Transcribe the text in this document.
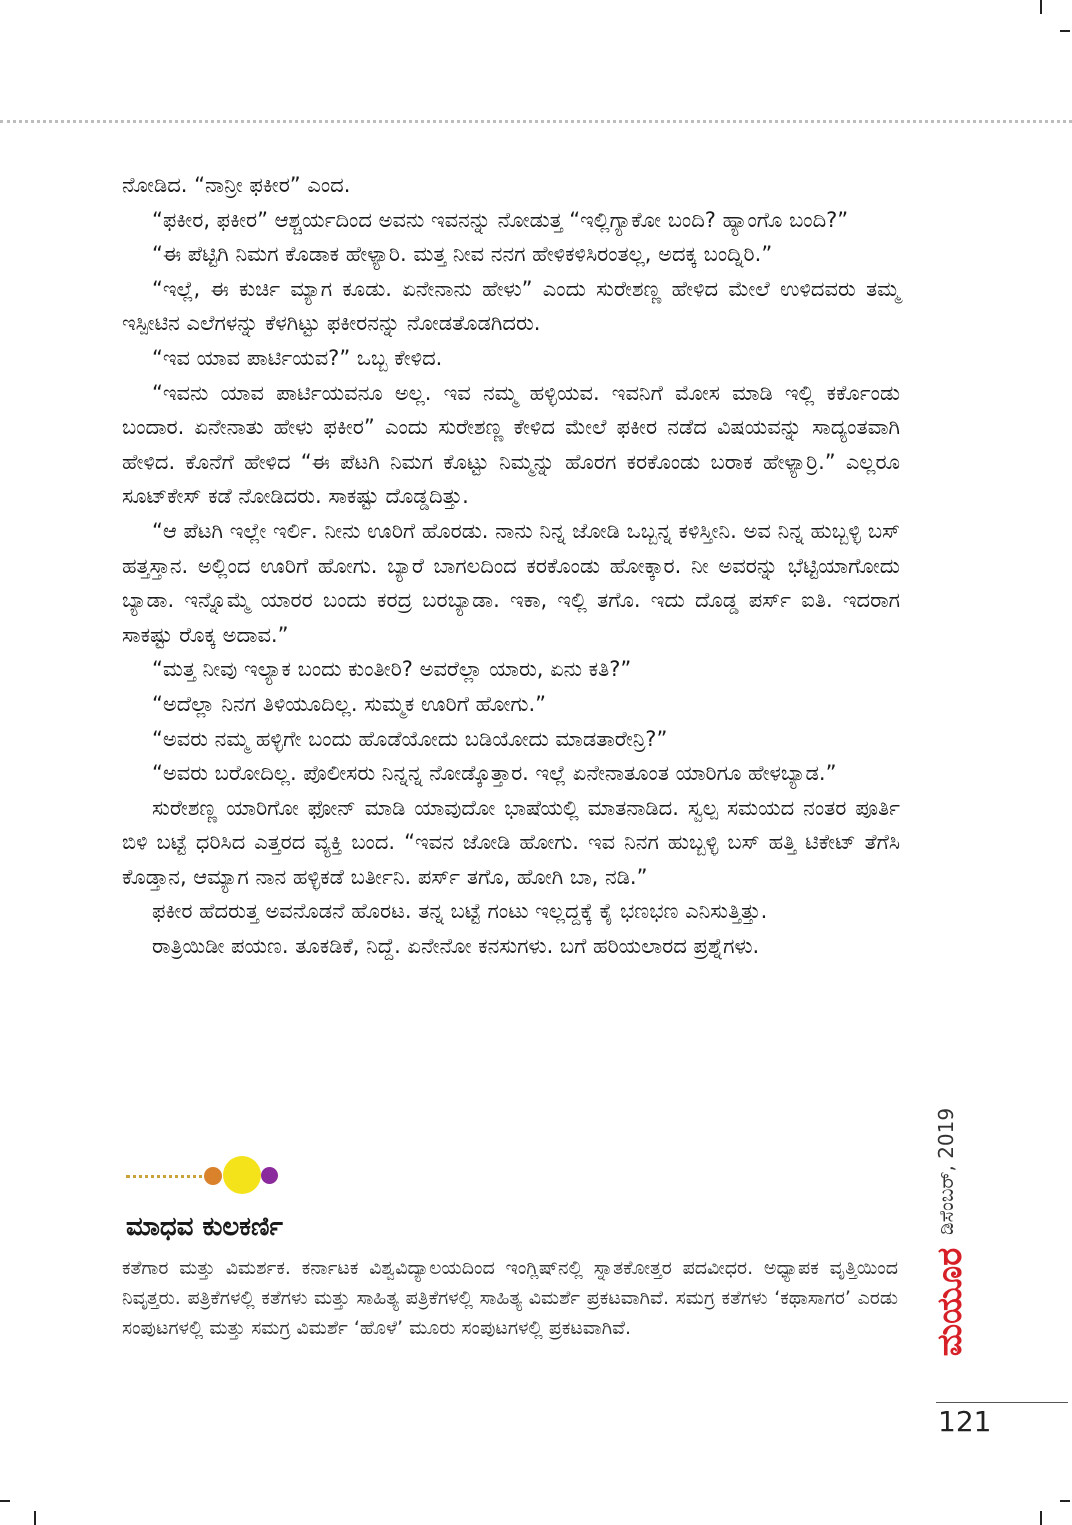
ನೋಡಿದ. “ನಾನ್ರೀ ಫಕೀರ” ಎಂದ.

“ಫಕೀರ, ಫಕೀರ” ಆಶ್ಚರ್ಯದಿಂದ ಅವನು ಇವನನ್ನು ನೋಡುತ್ತ “ಇಲ್ಲಿಗ್ಯಾಕೋ ಬಂದಿ? ಹ್ಯಾಂಗೊ ಬಂದಿ?”

“ಈ ಪೆಟ್ಟಿಗಿ ನಿಮಗ ಕೊಡಾಕ ಹೇಳ್ಯಾರಿ. ಮತ್ತ ನೀವ ನನಗ ಹೇಳಿಕಳಿಸಿರಂತಲ್ಲ, ಅದಕ್ಕ ಬಂದ್ನಿರಿ.”

“ಇಲ್ಲೆ, ಈ ಕುರ್ಚಿ ಮ್ಯಾಗ ಕೂಡು. ಏನೇನಾನು ಹೇಳು” ಎಂದು ಸುರೇಶಣ್ಣ ಹೇಳಿದ ಮೇಲೆ ಉಳಿದವರು ತಮ್ಮ ಇಸ್ಪೀಟಿನ ಎಲೆಗಳನ್ನು ಕೆಳಗಿಟ್ಟು ಫಕೀರನನ್ನು ನೋಡತೊಡಗಿದರು.

“ಇವ ಯಾವ ಪಾರ್ಟಿಯವ?” ಒಬ್ಬ ಕೇಳಿದ.

“ಇವನು ಯಾವ ಪಾರ್ಟಿಯವನೂ ಅಲ್ಲ. ಇವ ನಮ್ಮ ಹಳ್ಳಿಯವ. ಇವನಿಗೆ ಮೋಸ ಮಾಡಿ ಇಲ್ಲಿ ಕರ್ಕೊಂಡು ಬಂದಾರ. ಏನೇನಾತು ಹೇಳು ಫಕೀರ” ಎಂದು ಸುರೇಶಣ್ಣ ಕೇಳಿದ ಮೇಲೆ ಫಕೀರ ನಡೆದ ವಿಷಯವನ್ನು ಸಾದ್ಯಂತವಾಗಿ ಹೇಳಿದ. ಕೊನೆಗೆ ಹೇಳಿದ “ಈ ಪೆಟಗಿ ನಿಮಗ ಕೊಟ್ಟು ನಿಮ್ಮನ್ನು ಹೊರಗ ಕರಕೊಂಡು ಬರಾಕ ಹೇಳ್ಯಾರ್ರಿ.” ಎಲ್ಲರೂ ಸೂಟ್‌ಕೇಸ್ ಕಡೆ ನೋಡಿದರು. ಸಾಕಷ್ಟು ದೊಡ್ಡದಿತ್ತು.

“ಆ ಪೆಟಗಿ ಇಲ್ಲೇ ಇರ್ಲಿ. ನೀನು ಊರಿಗೆ ಹೊರಡು. ನಾನು ನಿನ್ನ ಜೋಡಿ ಒಬ್ಬನ್ನ ಕಳಿಸ್ತೀನಿ. ಅವ ನಿನ್ನ ಹುಬ್ಬಳ್ಳಿ ಬಸ್ ಹತ್ತಸ್ತಾನ. ಅಲ್ಲಿಂದ ಊರಿಗೆ ಹೋಗು. ಬ್ಯಾರೆ ಬಾಗಲದಿಂದ ಕರಕೊಂಡು ಹೋಕ್ಕಾರ. ನೀ ಅವರನ್ನು ಭೆಟ್ಟಿಯಾಗೋದು ಬ್ಯಾಡಾ. ಇನ್ನೊಮ್ಮೆ ಯಾರರ ಬಂದು ಕರದ್ರ ಬರಬ್ಯಾಡಾ. ಇಕಾ, ಇಲ್ಲಿ ತಗೊ. ಇದು ದೊಡ್ಡ ಪರ್ಸ್ ಐತಿ. ಇದರಾಗ ಸಾಕಷ್ಟು ರೊಕ್ಕ ಅದಾವ.”

“ಮತ್ತ ನೀವು ಇಲ್ಯಾಕ ಬಂದು ಕುಂತೀರಿ? ಅವರೆಲ್ಲಾ ಯಾರು, ಏನು ಕತಿ?”

“ಅದೆಲ್ಲಾ ನಿನಗ ತಿಳಿಯೂದಿಲ್ಲ. ಸುಮ್ಮಕ ಊರಿಗೆ ಹೋಗು.”

“ಅವರು ನಮ್ಮ ಹಳ್ಳಿಗೇ ಬಂದು ಹೊಡೆಯೋದು ಬಡಿಯೋದು ಮಾಡತಾರೇನ್ರಿ?”

“ಅವರು ಬರೋದಿಲ್ಲ. ಪೊಲೀಸರು ನಿನ್ನನ್ನ ನೋಡ್ಕೊತ್ತಾರ. ಇಲ್ಲೆ ಏನೇನಾತೂಂತ ಯಾರಿಗೂ ಹೇಳಬ್ಯಾಡ.”

ಸುರೇಶಣ್ಣ ಯಾರಿಗೋ ಫೋನ್ ಮಾಡಿ ಯಾವುದೋ ಭಾಷೆಯಲ್ಲಿ ಮಾತನಾಡಿದ. ಸ್ವಲ್ಪ ಸಮಯದ ನಂತರ ಪೂರ್ತಿ ಬಿಳಿ ಬಟ್ಟೆ ಧರಿಸಿದ ಎತ್ತರದ ವ್ಯಕ್ತಿ ಬಂದ. “ಇವನ ಜೋಡಿ ಹೋಗು. ಇವ ನಿನಗ ಹುಬ್ಬಳ್ಳಿ ಬಸ್ ಹತ್ತಿ ಟಿಕೇಟ್ ತೆಗೆಸಿ ಕೊಡ್ತಾನ, ಆಮ್ಯಾಗ ನಾನ ಹಳ್ಳಿಕಡೆ ಬರ್ತೀನಿ. ಪರ್ಸ್ ತಗೊ, ಹೋಗಿ ಬಾ, ನಡಿ.”

ಫಕೀರ ಹೆದರುತ್ತ ಅವನೊಡನೆ ಹೊರಟ. ತನ್ನ ಬಟ್ಟೆ ಗಂಟು ಇಲ್ಲದ್ದಕ್ಕೆ ಕೈ ಭಣಭಣ ಎನಿಸುತ್ತಿತ್ತು.

ರಾತ್ರಿಯಿಡೀ ಪಯಣ. ತೂಕಡಿಕೆ, ನಿದ್ದೆ. ಏನೇನೋ ಕನಸುಗಳು. ಬಗೆ ಹರಿಯಲಾರದ ಪ್ರಶ್ನೆಗಳು.

ಮಾಧವ ಕುಲಕರ್ಣಿ

ಕತೆಗಾರ ಮತ್ತು ವಿಮರ್ಶಕ. ಕರ್ನಾಟಕ ವಿಶ್ವವಿದ್ಯಾಲಯದಿಂದ ಇಂಗ್ಲಿಷ್‌ನಲ್ಲಿ ಸ್ನಾತಕೋತ್ತರ ಪದವೀಧರ. ಅಧ್ಯಾಪಕ ವೃತ್ತಿಯಿಂದ ನಿವೃತ್ತರು. ಪತ್ರಿಕೆಗಳಲ್ಲಿ ಕತೆಗಳು ಮತ್ತು ಸಾಹಿತ್ಯ ಪತ್ರಿಕೆಗಳಲ್ಲಿ ಸಾಹಿತ್ಯ ವಿಮರ್ಶೆ ಪ್ರಕಟವಾಗಿವೆ. ಸಮಗ್ರ ಕತೆಗಳು ‘ಕಥಾಸಾಗರ’ ಎರಡು ಸಂಪುಟಗಳಲ್ಲಿ ಮತ್ತು ಸಮಗ್ರ ವಿಮರ್ಶೆ ‘ಹೊಳೆ’ ಮೂರು ಸಂಪುಟಗಳಲ್ಲಿ ಪ್ರಕಟವಾಗಿವೆ.

ಡಿಸೆಂಬರ್, 2019
ಮಯೂರ
121
